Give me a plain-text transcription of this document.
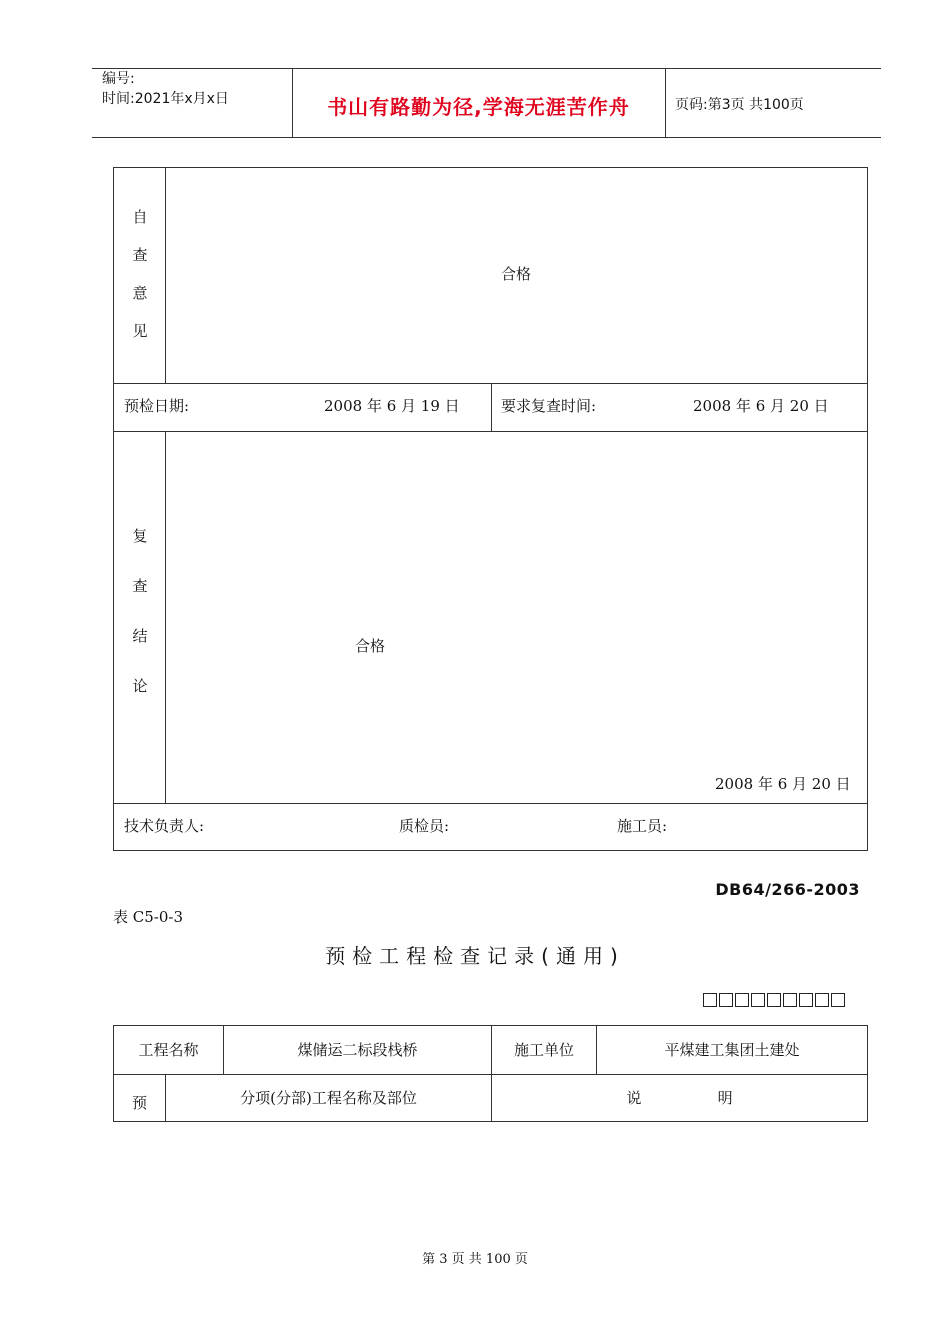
编号:
时间:2021年x月x日	书山有路勤为径,学海无涯苦作舟	页码:第3页 共100页
自
查
意
见
合格
预检日期:	2008 年 6 月 19 日	要求复查时间:	2008 年 6 月 20 日
复
查
结
论
合格
2008 年 6 月 20 日
技术负责人:	质检员:	施工员:
DB64/266-2003
表 C5-0-3
预检工程检查记录(通用)
工程名称	煤储运二标段栈桥	施工单位	平煤建工集团土建处
预	分项(分部)工程名称及部位	说                明
第 3 页 共 100 页
